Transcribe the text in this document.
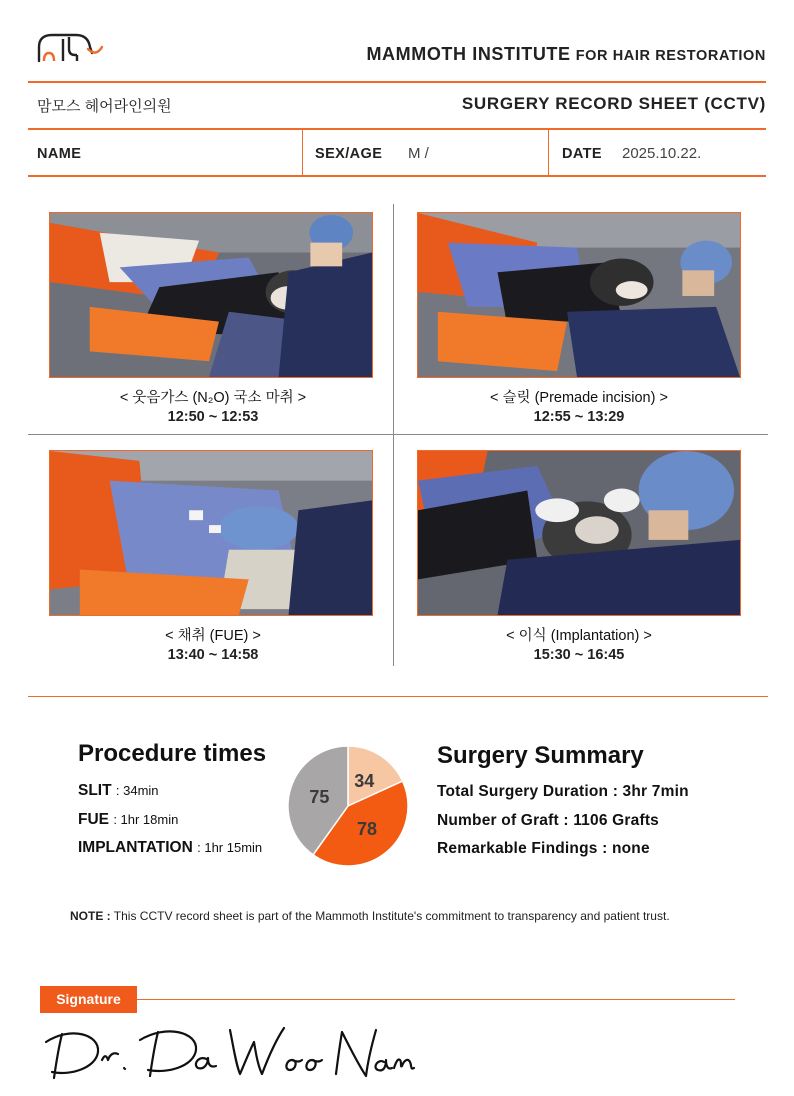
MAMMOTH INSTITUTE FOR HAIR RESTORATION
맘모스 헤어라인의원	SURGERY RECORD SHEET (CCTV)
NAME	SEX/AGE M /	DATE 2025.10.22.
< 웃음가스 (N₂O) 국소 마취 >
12:50 ~ 12:53
< 슬릿 (Premade incision) >
12:55 ~ 13:29
< 채취 (FUE) >
13:40 ~ 14:58
< 이식 (Implantation) >
15:30 ~ 16:45
Procedure times
SLIT : 34min
FUE : 1hr 18min
IMPLANTATION : 1hr 15min
34
78
75
Surgery Summary
Total Surgery Duration : 3hr 7min
Number of Graft : 1106 Grafts
Remarkable Findings : none
NOTE : This CCTV record sheet is part of the Mammoth Institute's commitment to transparency and patient trust.
Signature
